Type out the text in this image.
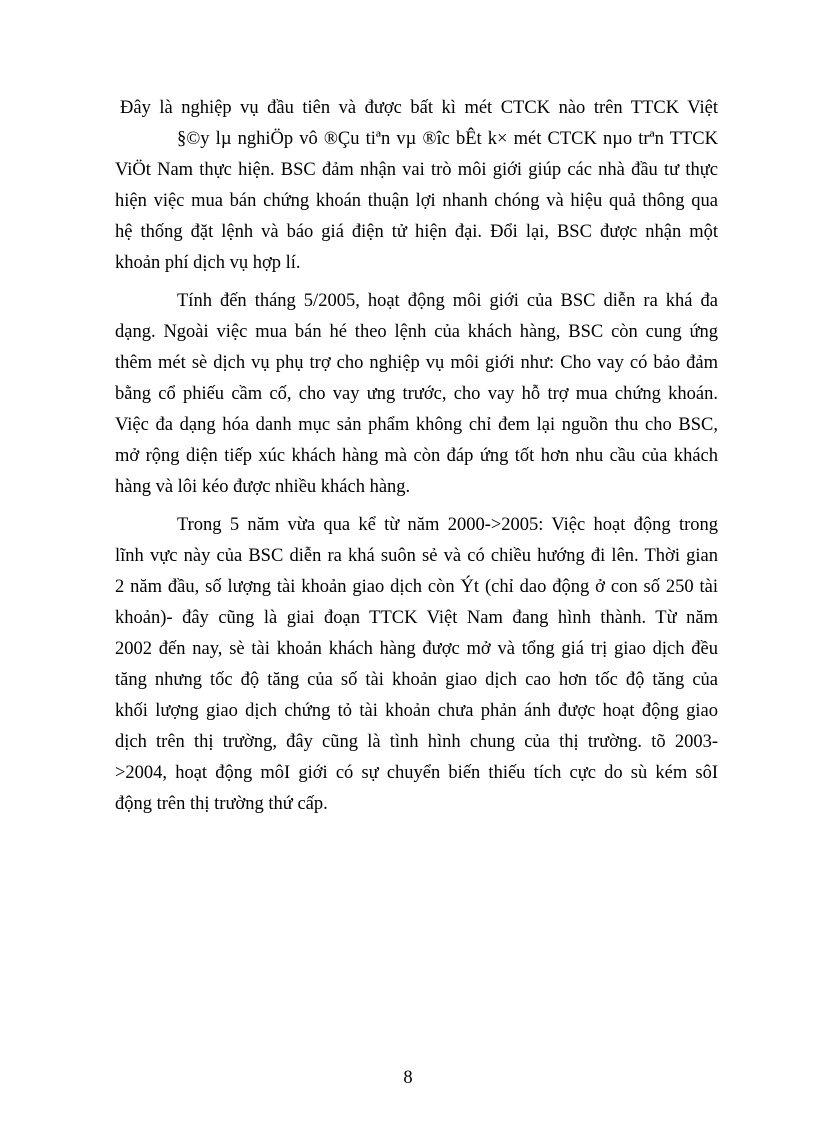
Đây là nghiệp vụ đầu tiên và được bất kì mét CTCK nào trên TTCK Việt
§©y lµ nghiÖp vô ®Çu tiªn vµ ®îc bÊt k× mét CTCK nµo trªn TTCK
ViÖt Nam thực hiện. BSC đảm nhận vai trò môi giới giúp các nhà đầu tư thực
hiện việc mua bán chứng khoán thuận lợi nhanh chóng và hiệu quả thông qua
hệ thống đặt lệnh và báo giá điện tử hiện đại. Đổi lại, BSC được nhận một
khoản phí dịch vụ hợp lí.
Tính đến tháng 5/2005, hoạt động môi giới của BSC diễn ra khá đa
dạng. Ngoài việc mua bán hé theo lệnh của khách hàng, BSC còn cung ứng
thêm mét sè dịch vụ phụ trợ cho nghiệp vụ môi giới như: Cho vay có bảo đảm
bằng cổ phiếu cầm cố, cho vay ưng trước, cho vay hỗ trợ mua chứng khoán.
Việc đa dạng hóa danh mục sản phẩm không chỉ đem lại nguồn thu cho BSC,
mở rộng diện tiếp xúc khách hàng mà còn đáp ứng tốt hơn nhu cầu của khách
hàng và lôi kéo được nhiều khách hàng.
Trong 5 năm vừa qua kể từ năm 2000->2005: Việc hoạt động trong
lĩnh vực này của BSC diễn ra khá suôn sẻ và có chiều hướng đi lên. Thời gian
2 năm đầu, số lượng tài khoản giao dịch còn Ýt (chỉ dao động ở con số 250 tài
khoản)- đây cũng là giai đoạn TTCK Việt Nam đang hình thành. Từ năm
2002 đến nay, sè tài khoản khách hàng được mở và tổng giá trị giao dịch đều
tăng nhưng tốc độ tăng của số tài khoản giao dịch cao hơn tốc độ tăng của
khối lượng giao dịch chứng tỏ tài khoản chưa phản ánh được hoạt động giao
dịch trên thị trường, đây cũng là tình hình chung của thị trường. tõ 2003-
>2004, hoạt động môI giới có sự chuyển biến thiếu tích cực do sù kém sôI
động trên thị trường thứ cấp.
8
